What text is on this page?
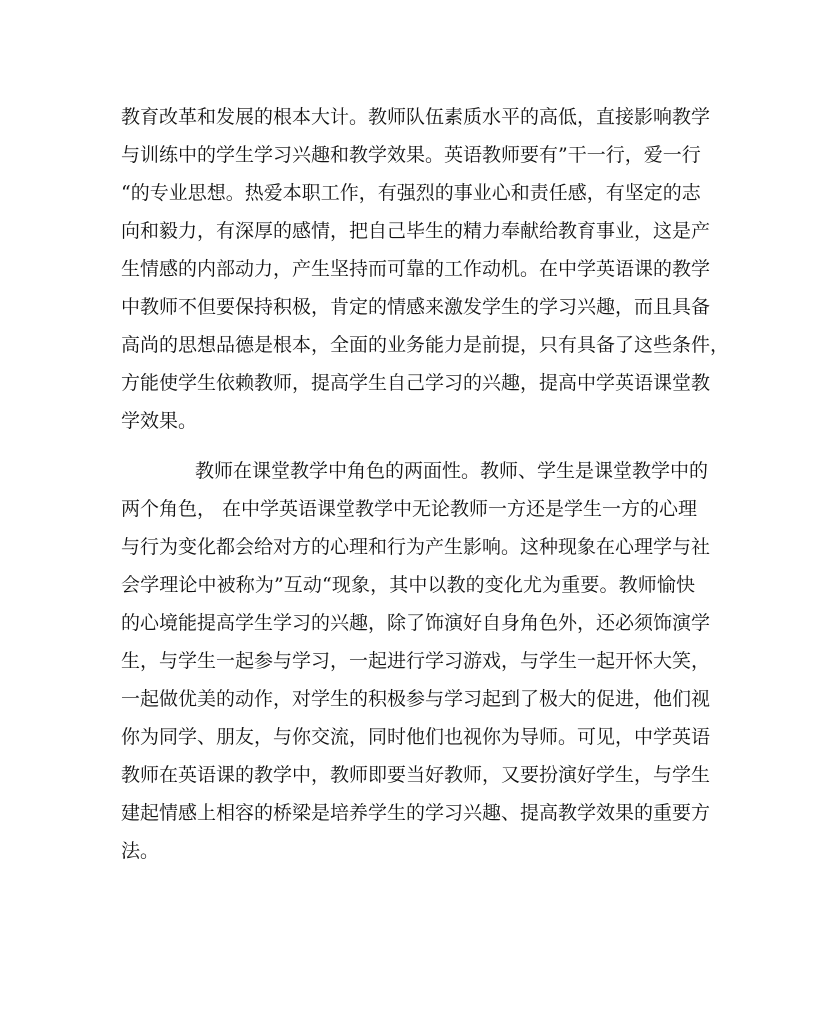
教育改革和发展的根本大计。教师队伍素质水平的高低，直接影响教学
与训练中的学生学习兴趣和教学效果。英语教师要有”干一行，爱一行
“的专业思想。热爱本职工作，有强烈的事业心和责任感，有坚定的志
向和毅力，有深厚的感情，把自己毕生的精力奉献给教育事业，这是产
生情感的内部动力，产生坚持而可靠的工作动机。在中学英语课的教学
中教师不但要保持积极，肯定的情感来激发学生的学习兴趣，而且具备
高尚的思想品德是根本，全面的业务能力是前提，只有具备了这些条件，
方能使学生依赖教师，提高学生自己学习的兴趣，提高中学英语课堂教
学效果。
教师在课堂教学中角色的两面性。教师、学生是课堂教学中的
两个角色， 在中学英语课堂教学中无论教师一方还是学生一方的心理
与行为变化都会给对方的心理和行为产生影响。这种现象在心理学与社
会学理论中被称为”互动“现象，其中以教的变化尤为重要。教师愉快
的心境能提高学生学习的兴趣，除了饰演好自身角色外，还必须饰演学
生，与学生一起参与学习，一起进行学习游戏，与学生一起开怀大笑，
一起做优美的动作，对学生的积极参与学习起到了极大的促进，他们视
你为同学、朋友，与你交流，同时他们也视你为导师。可见，中学英语
教师在英语课的教学中，教师即要当好教师，又要扮演好学生，与学生
建起情感上相容的桥梁是培养学生的学习兴趣、提高教学效果的重要方
法。
